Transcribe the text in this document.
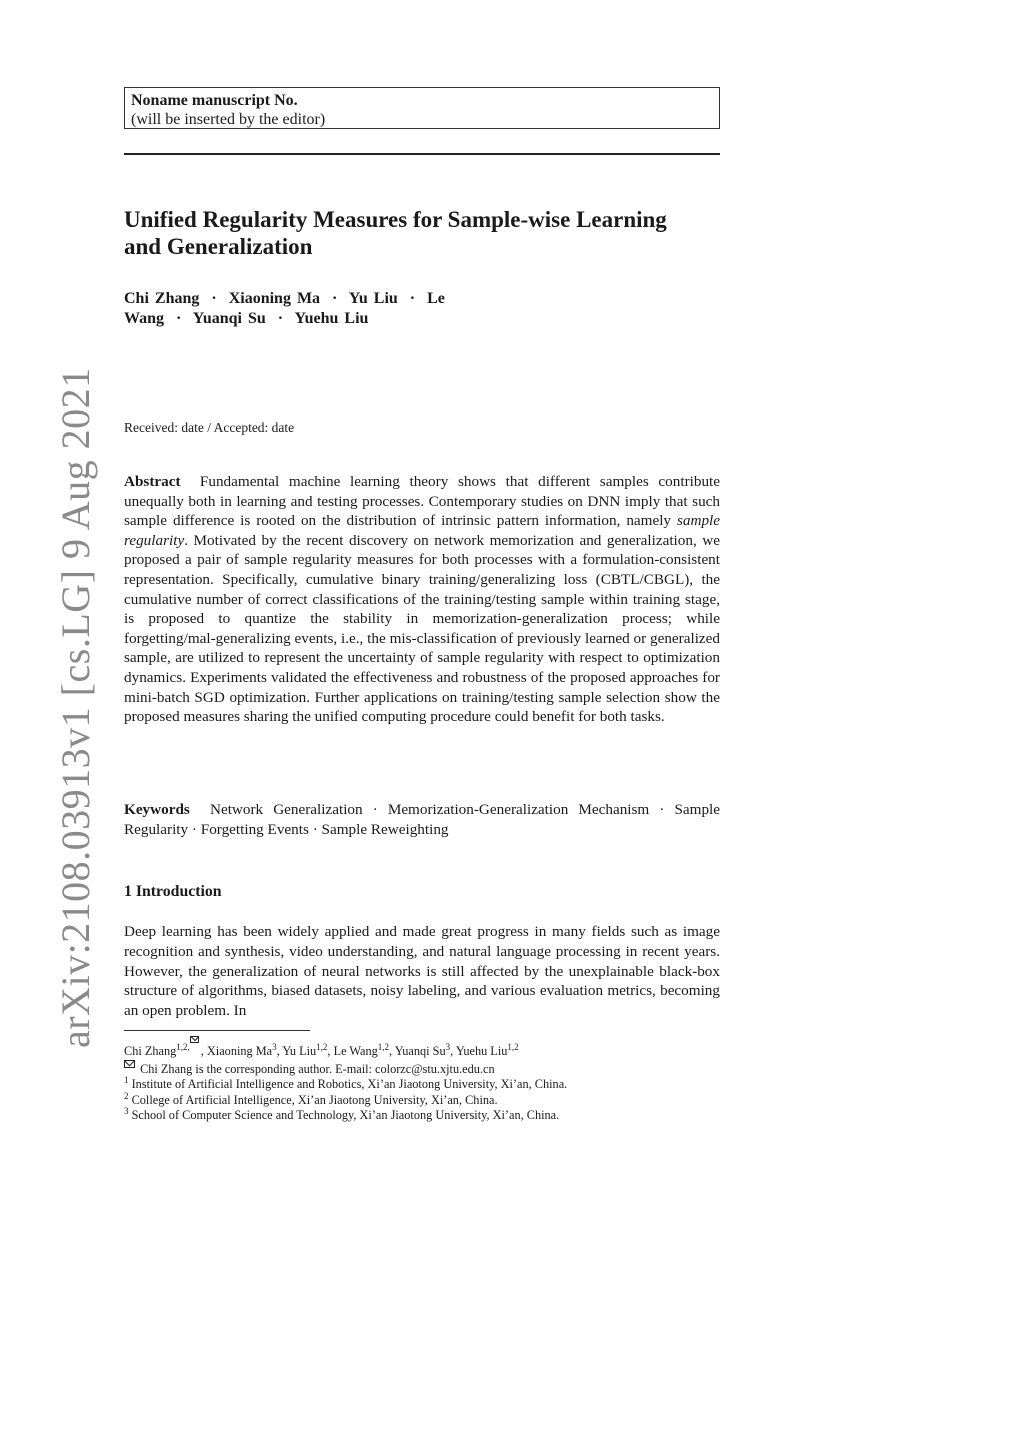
arXiv:2108.03913v1 [cs.LG] 9 Aug 2021
Noname manuscript No.
(will be inserted by the editor)
Unified Regularity Measures for Sample-wise Learning
and Generalization
Chi Zhang  ·  Xiaoning Ma  ·  Yu Liu  ·  Le
Wang  ·  Yuanqi Su  ·  Yuehu Liu
Received: date / Accepted: date
Abstract Fundamental machine learning theory shows that different samples contribute unequally both in learning and testing processes. Contemporary studies on DNN imply that such sample difference is rooted on the distribution of intrinsic pattern information, namely sample regularity. Motivated by the recent discovery on network memorization and generalization, we proposed a pair of sample regularity measures for both processes with a formulation-consistent representation. Specifically, cumulative binary training/generalizing loss (CBTL/CBGL), the cumulative number of correct classifications of the training/testing sample within training stage, is proposed to quantize the stability in memorization-generalization process; while forgetting/mal-generalizing events, i.e., the mis-classification of previously learned or generalized sample, are utilized to represent the uncertainty of sample regularity with respect to optimization dynamics. Experiments validated the effectiveness and robustness of the proposed approaches for mini-batch SGD optimization. Further applications on training/testing sample selection show the proposed measures sharing the unified computing procedure could benefit for both tasks.
Keywords Network Generalization · Memorization-Generalization Mechanism · Sample Regularity · Forgetting Events · Sample Reweighting
1 Introduction
Deep learning has been widely applied and made great progress in many fields such as image recognition and synthesis, video understanding, and natural language processing in recent years. However, the generalization of neural networks is still affected by the unexplainable black-box structure of algorithms, biased datasets, noisy labeling, and various evaluation metrics, becoming an open problem. In
Chi Zhang$^{1,2,}$ , Xiaoning Ma$^3$, Yu Liu$^{1,2}$, Le Wang$^{1,2}$, Yuanqi Su$^3$, Yuehu Liu$^{1,2}$
Chi Zhang is the corresponding author. E-mail: colorzc@stu.xjtu.edu.cn
$^1$ Institute of Artificial Intelligence and Robotics, Xi’an Jiaotong University, Xi’an, China.
$^2$ College of Artificial Intelligence, Xi’an Jiaotong University, Xi’an, China.
$^3$ School of Computer Science and Technology, Xi’an Jiaotong University, Xi’an, China.
